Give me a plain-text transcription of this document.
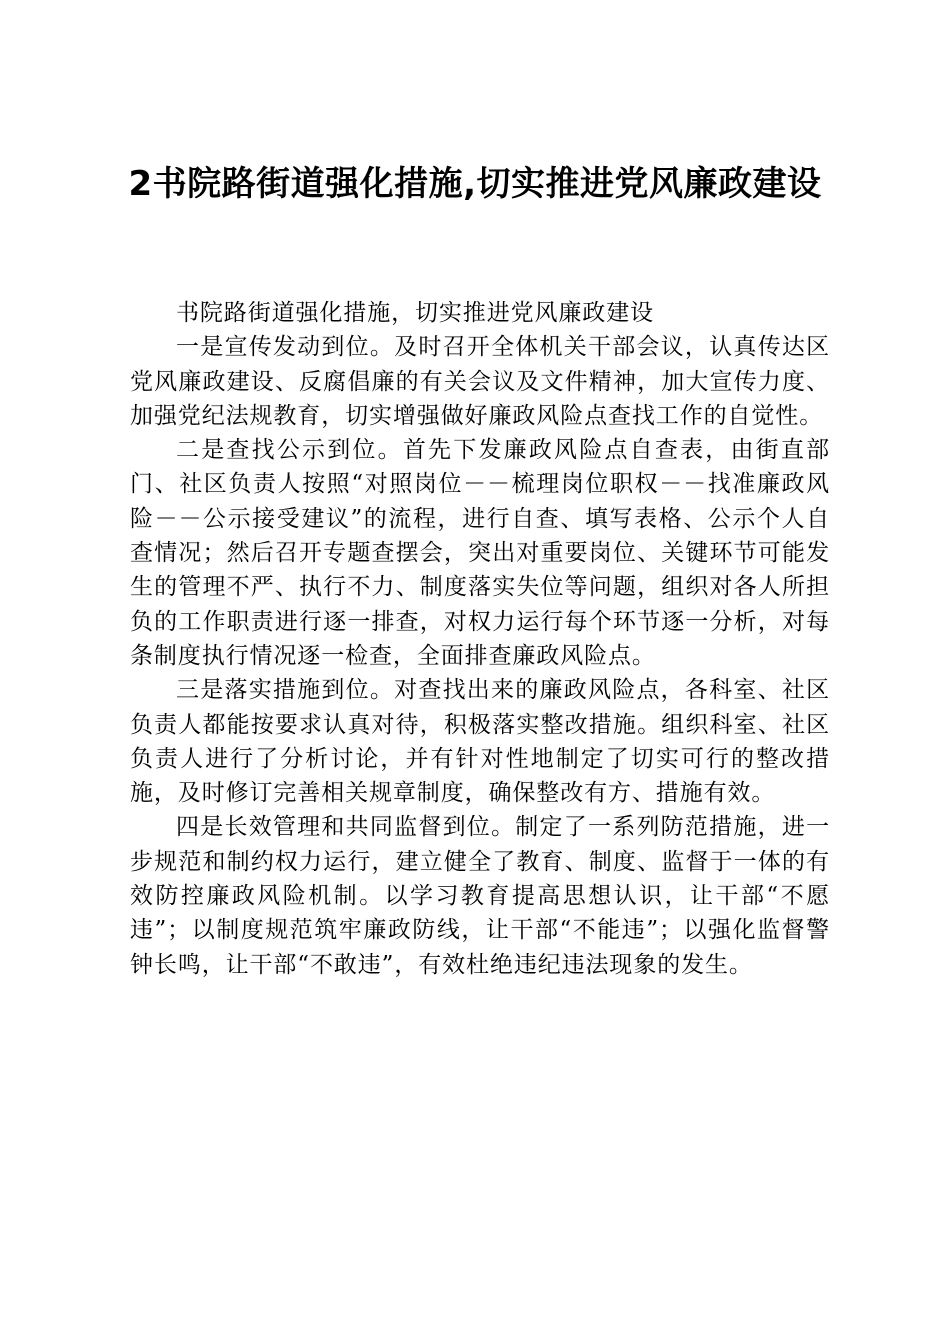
2书院路街道强化措施,切实推进党风廉政建设

书院路街道强化措施，切实推进党风廉政建设

一是宣传发动到位。及时召开全体机关干部会议，认真传达区党风廉政建设、反腐倡廉的有关会议及文件精神，加大宣传力度、加强党纪法规教育，切实增强做好廉政风险点查找工作的自觉性。

二是查找公示到位。首先下发廉政风险点自查表，由街直部门、社区负责人按照“对照岗位－－梳理岗位职权－－找准廉政风险－－公示接受建议”的流程，进行自查、填写表格、公示个人自查情况；然后召开专题查摆会，突出对重要岗位、关键环节可能发生的管理不严、执行不力、制度落实失位等问题，组织对各人所担负的工作职责进行逐一排查，对权力运行每个环节逐一分析，对每条制度执行情况逐一检查，全面排查廉政风险点。

三是落实措施到位。对查找出来的廉政风险点，各科室、社区负责人都能按要求认真对待，积极落实整改措施。组织科室、社区负责人进行了分析讨论，并有针对性地制定了切实可行的整改措施，及时修订完善相关规章制度，确保整改有方、措施有效。

四是长效管理和共同监督到位。制定了一系列防范措施，进一步规范和制约权力运行，建立健全了教育、制度、监督于一体的有效防控廉政风险机制。以学习教育提高思想认识，让干部“不愿违”；以制度规范筑牢廉政防线，让干部“不能违”；以强化监督警钟长鸣，让干部“不敢违”，有效杜绝违纪违法现象的发生。
